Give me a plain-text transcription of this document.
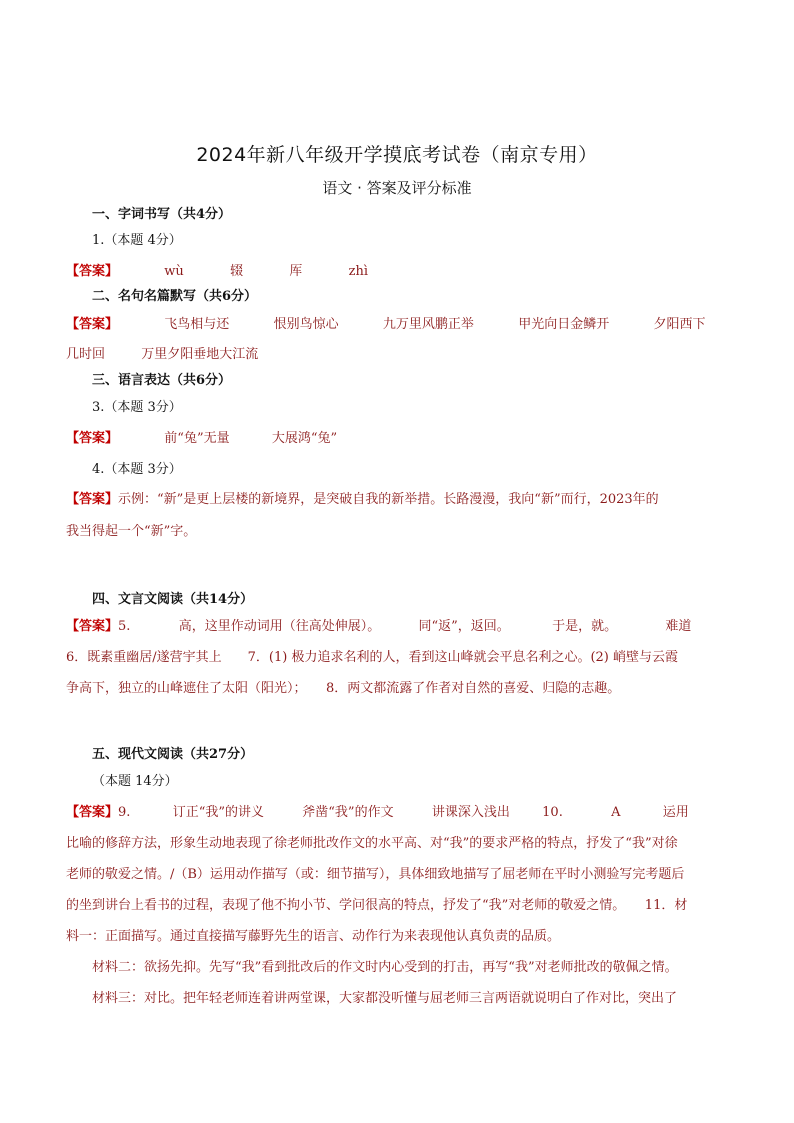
2024年新八年级开学摸底考试卷（南京专用）
语文 · 答案及评分标准
一、字词书写（共4分）
1.（本题 4分）
【答案】	wù	辍	厍	zhì
二、名句名篇默写（共6分）
【答案】	飞鸟相与还	恨别鸟惊心	九万里风鹏正举	甲光向日金鳞开	夕阳西下
几时回	万里夕阳垂地大江流
三、语言表达（共6分）
3.（本题 3分）
【答案】	前“兔”无量	大展鸿“兔”
4.（本题 3分）
【答案】示例：“新”是更上层楼的新境界，是突破自我的新举措。长路漫漫，我向“新”而行，2023年的
我当得起一个“新”字。
四、文言文阅读（共14分）
【答案】5.	高，这里作动词用（往高处伸展）。	同“返”，返回。	于是，就。	难道
6．既素重幽居/遂营宇其上　　7．(1) 极力追求名利的人，看到这山峰就会平息名利之心。(2) 峭壁与云霞
争高下，独立的山峰遮住了太阳（阳光）；　　8．两文都流露了作者对自然的喜爱、归隐的志趣。
五、现代文阅读（共27分）
（本题 14分）
【答案】9.	订正“我”的讲义	斧凿“我”的作文	讲课深入浅出 10.	A	运用
比喻的修辞方法，形象生动地表现了徐老师批改作文的水平高、对“我”的要求严格的特点，抒发了“我”对徐
老师的敬爱之情。/（B）运用动作描写（或：细节描写），具体细致地描写了屈老师在平时小测验写完考题后
的坐到讲台上看书的过程，表现了他不拘小节、学问很高的特点，抒发了“我”对老师的敬爱之情。　　11．材
料一：正面描写。通过直接描写藤野先生的语言、动作行为来表现他认真负责的品质。
材料二：欲扬先抑。先写“我”看到批改后的作文时内心受到的打击，再写“我”对老师批改的敬佩之情。
材料三：对比。把年轻老师连着讲两堂课，大家都没听懂与屈老师三言两语就说明白了作对比，突出了
